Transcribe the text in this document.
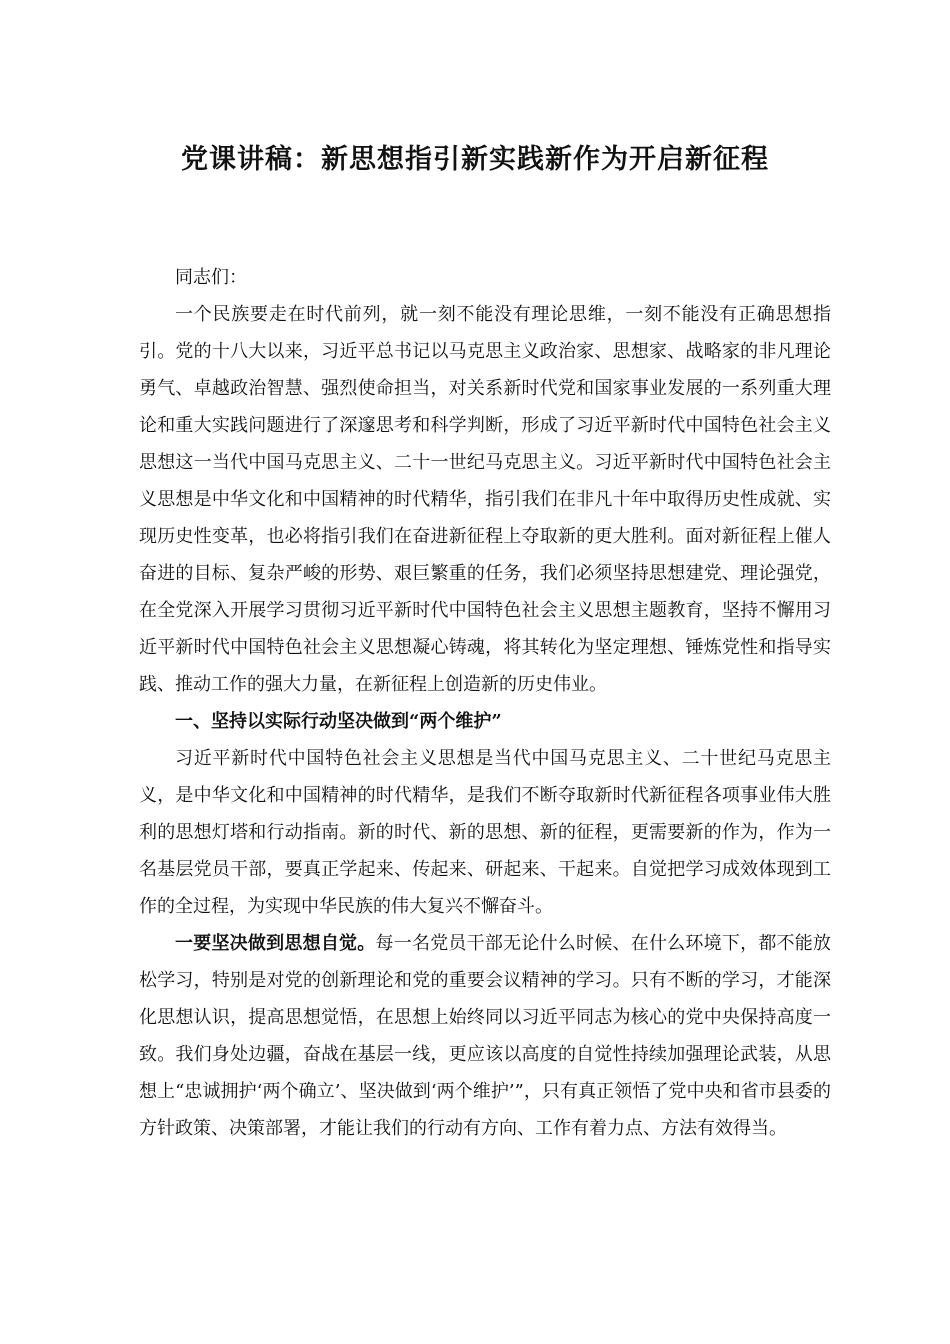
党课讲稿：新思想指引新实践新作为开启新征程

同志们：

一个民族要走在时代前列，就一刻不能没有理论思维，一刻不能没有正确思想指引。党的十八大以来，习近平总书记以马克思主义政治家、思想家、战略家的非凡理论勇气、卓越政治智慧、强烈使命担当，对关系新时代党和国家事业发展的一系列重大理论和重大实践问题进行了深邃思考和科学判断，形成了习近平新时代中国特色社会主义思想这一当代中国马克思主义、二十一世纪马克思主义。习近平新时代中国特色社会主义思想是中华文化和中国精神的时代精华，指引我们在非凡十年中取得历史性成就、实现历史性变革，也必将指引我们在奋进新征程上夺取新的更大胜利。面对新征程上催人奋进的目标、复杂严峻的形势、艰巨繁重的任务，我们必须坚持思想建党、理论强党，在全党深入开展学习贯彻习近平新时代中国特色社会主义思想主题教育，坚持不懈用习近平新时代中国特色社会主义思想凝心铸魂，将其转化为坚定理想、锤炼党性和指导实践、推动工作的强大力量，在新征程上创造新的历史伟业。

一、坚持以实际行动坚决做到“两个维护”

习近平新时代中国特色社会主义思想是当代中国马克思主义、二十世纪马克思主义，是中华文化和中国精神的时代精华，是我们不断夺取新时代新征程各项事业伟大胜利的思想灯塔和行动指南。新的时代、新的思想、新的征程，更需要新的作为，作为一名基层党员干部，要真正学起来、传起来、研起来、干起来。自觉把学习成效体现到工作的全过程，为实现中华民族的伟大复兴不懈奋斗。

一要坚决做到思想自觉。每一名党员干部无论什么时候、在什么环境下，都不能放松学习，特别是对党的创新理论和党的重要会议精神的学习。只有不断的学习，才能深化思想认识，提高思想觉悟，在思想上始终同以习近平同志为核心的党中央保持高度一致。我们身处边疆，奋战在基层一线，更应该以高度的自觉性持续加强理论武装，从思想上“忠诚拥护‘两个确立’、坚决做到‘两个维护’”，只有真正领悟了党中央和省市县委的方针政策、决策部署，才能让我们的行动有方向、工作有着力点、方法有效得当。
